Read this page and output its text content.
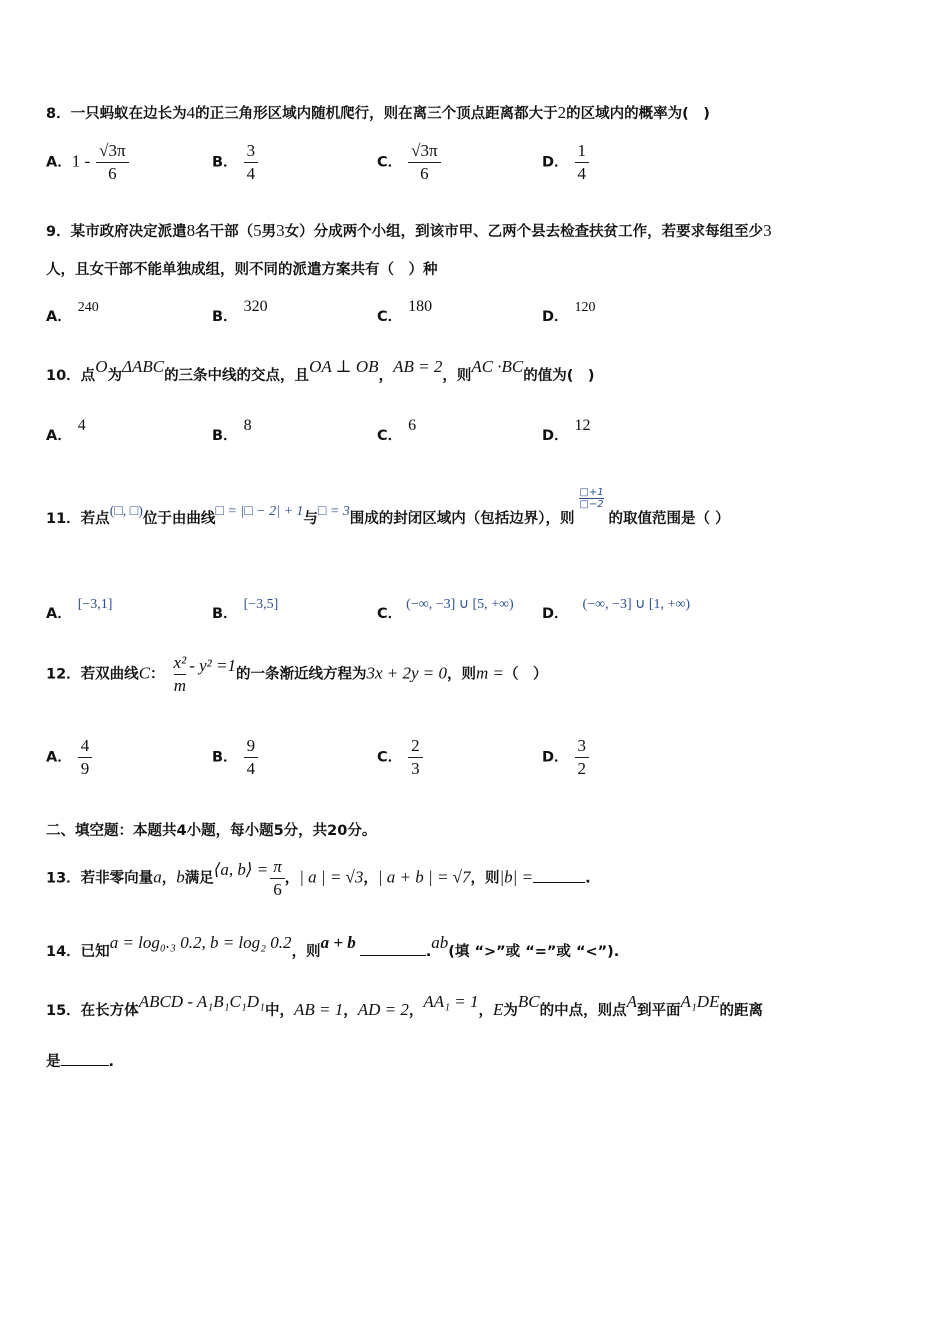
8．一只蚂蚁在边长为4的正三角形区域内随机爬行，则在离三个顶点距离都大于2的区域内的概率为(　)
A．$1 - \frac{√3\pi}{6}$	B． $\frac{3}{4}$	C． $\frac{√3\pi}{6}$	D． $\frac{1}{4}$
9．某市政府决定派遣8名干部（5男3女）分成两个小组，到该市甲、乙两个县去检查扶贫工作，若要求每组至少3
人，且女干部不能单独成组，则不同的派遣方案共有（　）种
A．240
B．320
C．180
D．120
10．点O为ΔABC的三条中线的交点，且OA ⊥ OB，AB = 2，则AC ·BC的值为(　)
A．4
B．8
C．6
D．12
11．若点(□, □)位于由曲线□ = |□ − 2| + 1与□ = 3围成的封闭区域内（包括边界），则
$\frac{□+1}{□-2}$
的取值范围是（ ）
A．[−3,1]
B．[−3,5]
C．(−∞, −3] ∪ [5, +∞)
D．(−∞, −3] ∪ [1, +∞)
12．若双曲线C： $\frac{\text{x²}}{m} - y^2 =1$的一条渐近线方程为3x + 2y = 0，则m =（　）
A． $\frac{4}{9}$	B． $\frac{9}{4}$	C． $\frac{2}{3}$	D． $\frac{3}{2}$
二、填空题：本题共4小题，每小题5分，共20分。
13．若非零向量a，b满足⟨a, b⟩ = $\frac{\pi}{6}$ ，| a | = √3，| a + b | = √7，则|b| =	.
14．已知a = log₀.₃ 0.2, b = log₂ 0.2，则a + b	.ab(填 “>”或 “=”或 “<”).
15．在长方体ABCD - A₁B₁C₁D₁中，AB = 1，AD = 2，AA₁ = 1，E为BC的中点，则点A到平面A₁DE的距离
是	.
